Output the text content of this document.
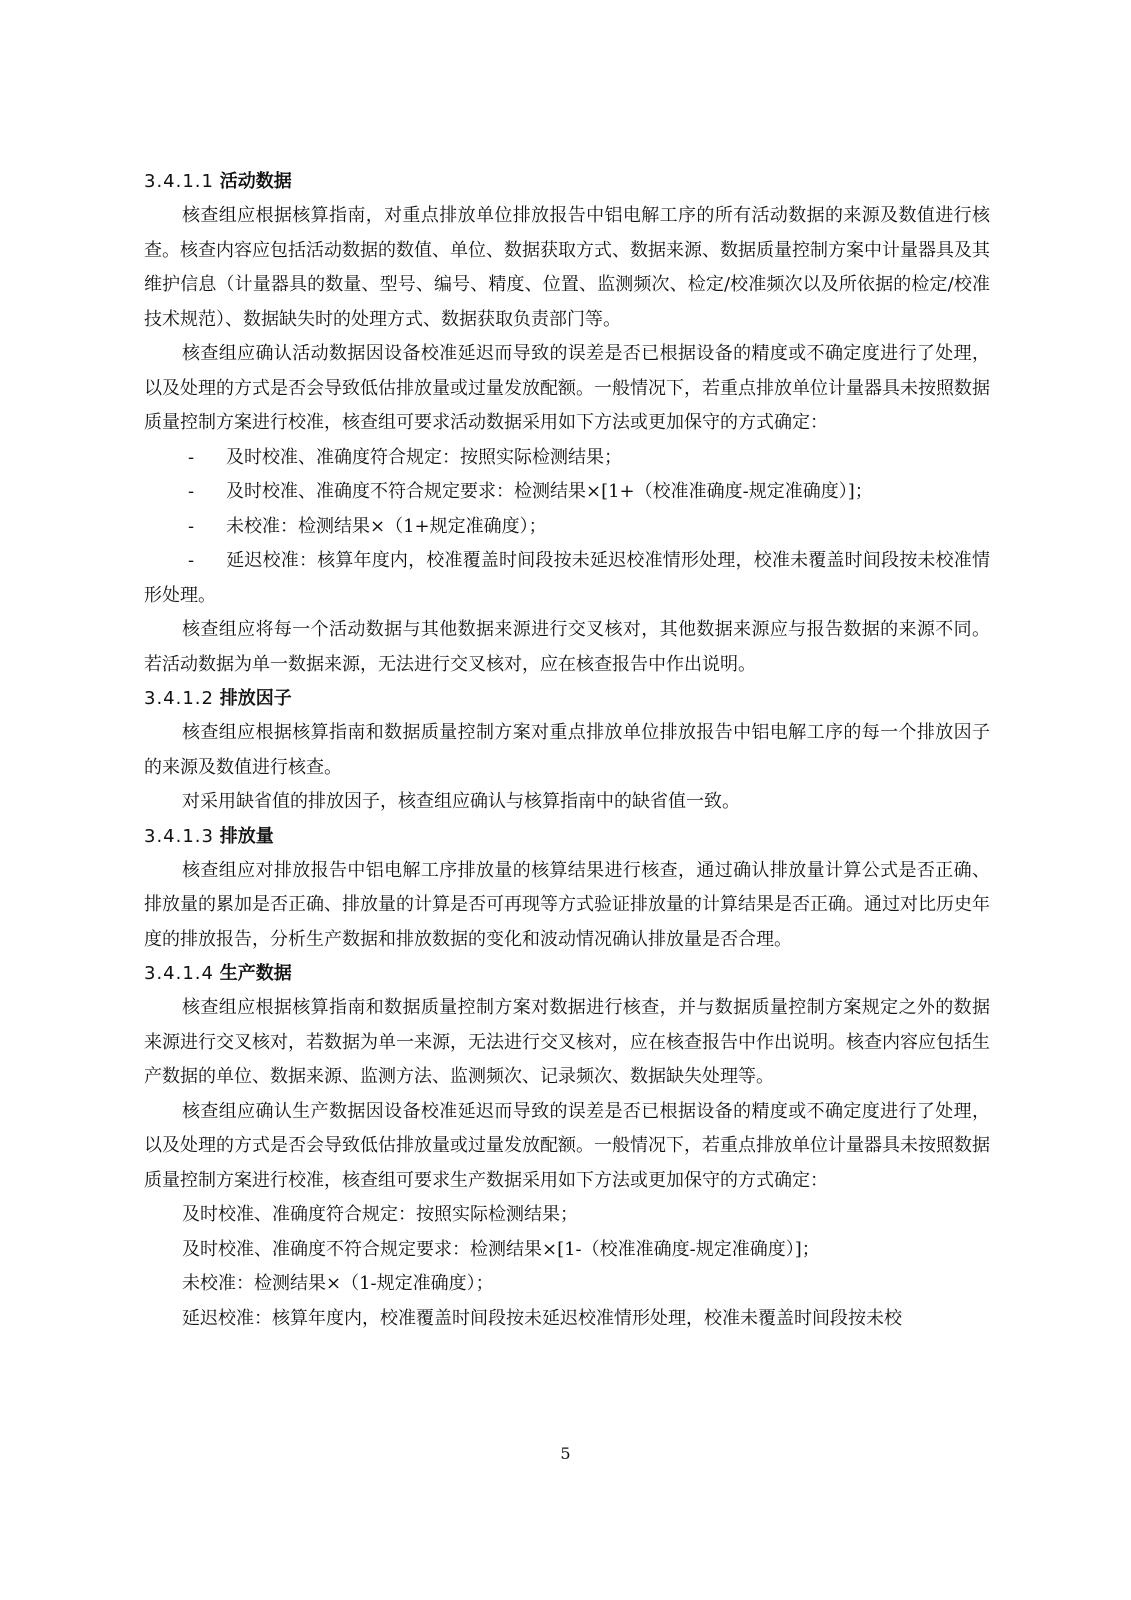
3.4.1.1 活动数据

核查组应根据核算指南，对重点排放单位排放报告中铝电解工序的所有活动数据的来源及数值进行核查。核查内容应包括活动数据的数值、单位、数据获取方式、数据来源、数据质量控制方案中计量器具及其维护信息（计量器具的数量、型号、编号、精度、位置、监测频次、检定/校准频次以及所依据的检定/校准技术规范）、数据缺失时的处理方式、数据获取负责部门等。

核查组应确认活动数据因设备校准延迟而导致的误差是否已根据设备的精度或不确定度进行了处理，以及处理的方式是否会导致低估排放量或过量发放配额。一般情况下，若重点排放单位计量器具未按照数据质量控制方案进行校准，核查组可要求活动数据采用如下方法或更加保守的方式确定：

- 及时校准、准确度符合规定：按照实际检测结果；

- 及时校准、准确度不符合规定要求：检测结果×[1+（校准准确度-规定准确度）]；

- 未校准：检测结果×（1+规定准确度）；

- 延迟校准：核算年度内，校准覆盖时间段按未延迟校准情形处理，校准未覆盖时间段按未校准情形处理。

核查组应将每一个活动数据与其他数据来源进行交叉核对，其他数据来源应与报告数据的来源不同。若活动数据为单一数据来源，无法进行交叉核对，应在核查报告中作出说明。

3.4.1.2 排放因子

核查组应根据核算指南和数据质量控制方案对重点排放单位排放报告中铝电解工序的每一个排放因子的来源及数值进行核查。

对采用缺省值的排放因子，核查组应确认与核算指南中的缺省值一致。

3.4.1.3 排放量

核查组应对排放报告中铝电解工序排放量的核算结果进行核查，通过确认排放量计算公式是否正确、排放量的累加是否正确、排放量的计算是否可再现等方式验证排放量的计算结果是否正确。通过对比历史年度的排放报告，分析生产数据和排放数据的变化和波动情况确认排放量是否合理。

3.4.1.4 生产数据

核查组应根据核算指南和数据质量控制方案对数据进行核查，并与数据质量控制方案规定之外的数据来源进行交叉核对，若数据为单一来源，无法进行交叉核对，应在核查报告中作出说明。核查内容应包括生产数据的单位、数据来源、监测方法、监测频次、记录频次、数据缺失处理等。

核查组应确认生产数据因设备校准延迟而导致的误差是否已根据设备的精度或不确定度进行了处理，以及处理的方式是否会导致低估排放量或过量发放配额。一般情况下，若重点排放单位计量器具未按照数据质量控制方案进行校准，核查组可要求生产数据采用如下方法或更加保守的方式确定：

及时校准、准确度符合规定：按照实际检测结果；

及时校准、准确度不符合规定要求：检测结果×[1-（校准准确度-规定准确度）]；

未校准：检测结果×（1-规定准确度）；

延迟校准：核算年度内，校准覆盖时间段按未延迟校准情形处理，校准未覆盖时间段按未校

5
